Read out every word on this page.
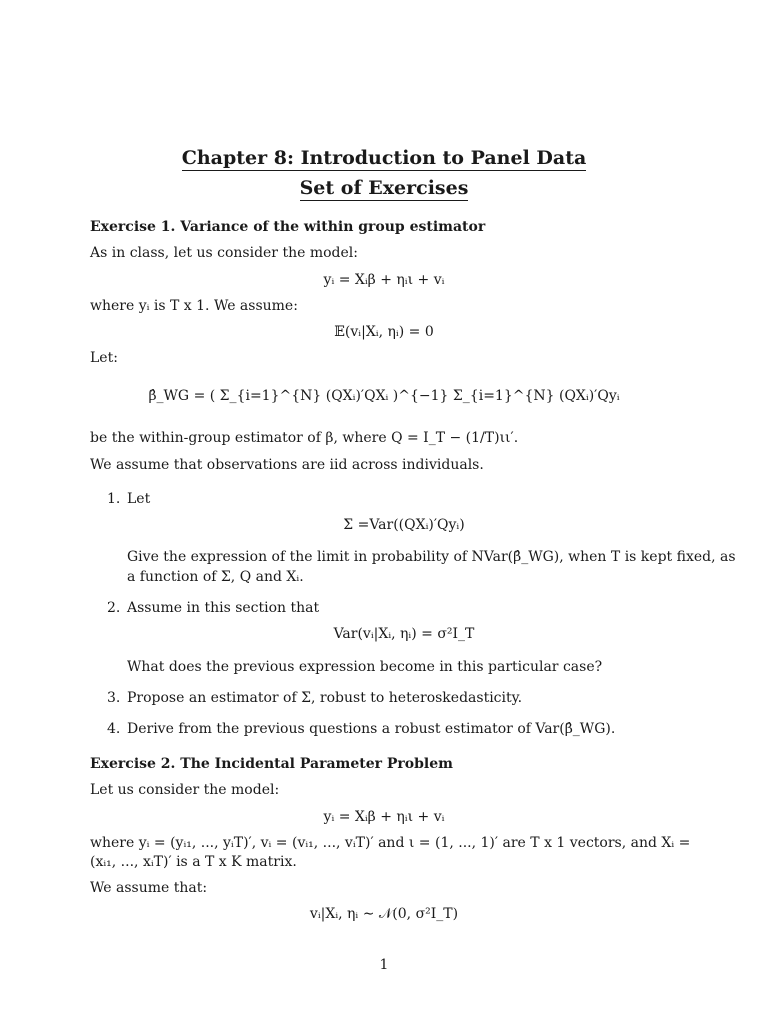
Chapter 8: Introduction to Panel Data
Set of Exercises
Exercise 1. Variance of the within group estimator
As in class, let us consider the model:
yᵢ = Xᵢβ + ηᵢι + vᵢ
where yᵢ is T x 1. We assume:
𝔼(vᵢ|Xᵢ, ηᵢ) = 0
Let:
β̂_WG = ( Σ_{i=1}^{N} (QXᵢ)′QXᵢ )^{−1} Σ_{i=1}^{N} (QXᵢ)′Qyᵢ
be the within-group estimator of β, where Q = I_T − (1/T)ιι′.
We assume that observations are iid across individuals.
1. Let
Σ =Var((QXᵢ)′Qyᵢ)
Give the expression of the limit in probability of NVar(β̂_WG), when T is kept fixed, as
a function of Σ, Q and Xᵢ.
2. Assume in this section that
Var(vᵢ|Xᵢ, ηᵢ) = σ²I_T
What does the previous expression become in this particular case?
3. Propose an estimator of Σ, robust to heteroskedasticity.
4. Derive from the previous questions a robust estimator of Var(β̂_WG).
Exercise 2. The Incidental Parameter Problem
Let us consider the model:
yᵢ = Xᵢβ + ηᵢι + vᵢ
where yᵢ = (yᵢ₁, ..., yᵢT)′, vᵢ = (vᵢ₁, ..., vᵢT)′ and ι = (1, ..., 1)′ are T x 1 vectors, and Xᵢ =
(xᵢ₁, ..., xᵢT)′ is a T x K matrix.
We assume that:
vᵢ|Xᵢ, ηᵢ ∼ 𝒩(0, σ²I_T)
1
